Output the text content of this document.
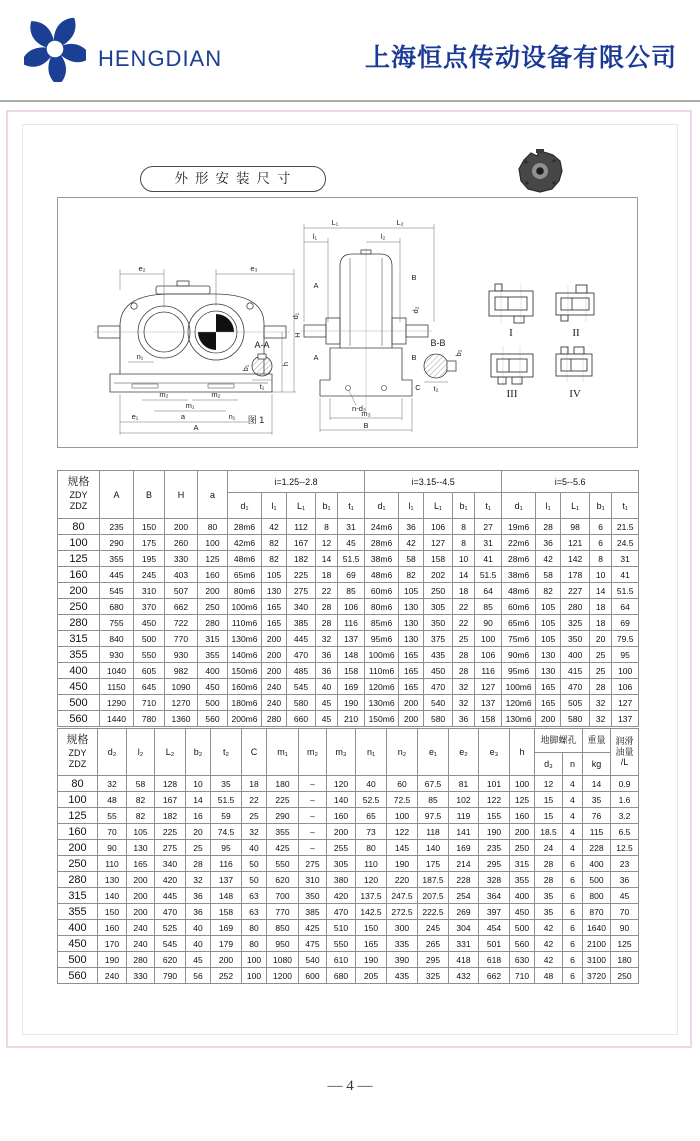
HENGDIAN	上海恒点传动设备有限公司
外形安装尺寸
e₂	e₃
H
h
n₁
m₂	m₂
m₁
e₁	a	n₁
A
A-A
b₁
t₁
图 1
L₁	L₂
l₁	l₂
A
A
B
B
d₁
d₂
C
n-d₃
m₃
B
B-B
b₂
t₂
I	II
III	IV
规格
ZDY
ZDZ	A	B	H	a	i=1.25--2.8					i=3.15--4.5					i=5--5.6				
					d₁	l₁	L₁	b₁	t₁	d₁	l₁	L₁	b₁	t₁	d₁	l₁	L₁	b₁	t₁
80	235	150	200	80	28m6	42	112	8	31	24m6	36	106	8	27	19m6	28	98	6	21.5
100	290	175	260	100	42m6	82	167	12	45	28m6	42	127	8	31	22m6	36	121	6	24.5
125	355	195	330	125	48m6	82	182	14	51.5	38m6	58	158	10	41	28m6	42	142	8	31
160	445	245	403	160	65m6	105	225	18	69	48m6	82	202	14	51.5	38m6	58	178	10	41
200	545	310	507	200	80m6	130	275	22	85	60m6	105	250	18	64	48m6	82	227	14	51.5
250	680	370	662	250	100m6	165	340	28	106	80m6	130	305	22	85	60m6	105	280	18	64
280	755	450	722	280	110m6	165	385	28	116	85m6	130	350	22	90	65m6	105	325	18	69
315	840	500	770	315	130m6	200	445	32	137	95m6	130	375	25	100	75m6	105	350	20	79.5
355	930	550	930	355	140m6	200	470	36	148	100m6	165	435	28	106	90m6	130	400	25	95
400	1040	605	982	400	150m6	200	485	36	158	110m6	165	450	28	116	95m6	130	415	25	100
450	1150	645	1090	450	160m6	240	545	40	169	120m6	165	470	32	127	100m6	165	470	28	106
500	1290	710	1270	500	180m6	240	580	45	190	130m6	200	540	32	137	120m6	165	505	32	127
560	1440	780	1360	560	200m6	280	660	45	210	150m6	200	580	36	158	130m6	200	580	32	137
规格
ZDY
ZDZ	d₂	l₂	L₂	b₂	t₂	C	m₁	m₂	m₃	n₁	n₂	e₁	e₂	e₃	h	地脚螺孔		重量	润滑
油量
/L
																d₃	n	kg	
80	32	58	128	10	35	18	180	–	120	40	60	67.5	81	101	100	12	4	14	0.9
100	48	82	167	14	51.5	22	225	–	140	52.5	72.5	85	102	122	125	15	4	35	1.6
125	55	82	182	16	59	25	290	–	160	65	100	97.5	119	155	160	15	4	76	3.2
160	70	105	225	20	74.5	32	355	–	200	73	122	118	141	190	200	18.5	4	115	6.5
200	90	130	275	25	95	40	425	–	255	80	145	140	169	235	250	24	4	228	12.5
250	110	165	340	28	116	50	550	275	305	110	190	175	214	295	315	28	6	400	23
280	130	200	420	32	137	50	620	310	380	120	220	187.5	228	328	355	28	6	500	36
315	140	200	445	36	148	63	700	350	420	137.5	247.5	207.5	254	364	400	35	6	800	45
355	150	200	470	36	158	63	770	385	470	142.5	272.5	222.5	269	397	450	35	6	870	70
400	160	240	525	40	169	80	850	425	510	150	300	245	304	454	500	42	6	1640	90
450	170	240	545	40	179	80	950	475	550	165	335	265	331	501	560	42	6	2100	125
500	190	280	620	45	200	100	1080	540	610	190	390	295	418	618	630	42	6	3100	180
560	240	330	790	56	252	100	1200	600	680	205	435	325	432	662	710	48	6	3720	250
— 4 —
